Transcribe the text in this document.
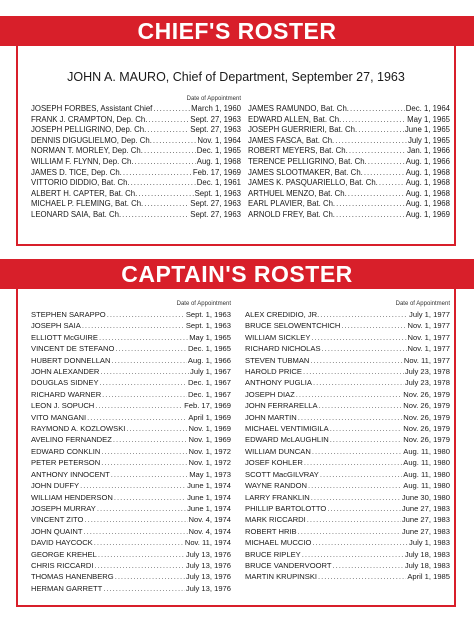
CHIEF'S ROSTER
JOHN A. MAURO, Chief of Department, September 27, 1963
Date of Appointment
JOSEPH FORBES, Assistant Chief .....	March 1, 1960
FRANK J. CRAMPTON, Dep. Ch. .....	Sept. 27, 1963
JOSEPH PELLIGRINO, Dep. Ch. .....	Sept. 27, 1963
DENNIS DIGUGLIELMO, Dep. Ch. .....	Nov. 1, 1964
NORMAN T. MORLEY, Dep. Ch. .....	Dec. 1, 1965
WILLIAM F. FLYNN, Dep. Ch. .....	Aug. 1, 1968
JAMES D. TICE, Dep. Ch. .....	Feb. 17, 1969
VITTORIO DIDDIO, Bat. Ch. .....	Dec. 1, 1961
ALBERT H. CAPTER, Bat. Ch. .....	Sept. 1, 1963
MICHAEL P. FLEMING, Bat. Ch. .....	Sept. 27, 1963
LEONARD SAIA, Bat. Ch. .....	Sept. 27, 1963
JAMES RAMUNDO, Bat. Ch. .....	Dec. 1, 1964
EDWARD ALLEN, Bat. Ch. .....	May 1, 1965
JOSEPH GUERRIERI, Bat. Ch. .....	June 1, 1965
JAMES FASCA, Bat. Ch. .....	July 1, 1965
ROBERT MEYERS, Bat. Ch. .....	Jan. 1, 1966
TERENCE PELLIGRINO, Bat. Ch. .....	Aug. 1, 1966
JAMES SLOOTMAKER, Bat. Ch. .....	Aug. 1, 1968
JAMES K. PASQUARIELLO, Bat. Ch. .....	Aug. 1, 1968
ARTHUEL MENZO, Bat. Ch. .....	Aug. 1, 1968
EARL PLAVIER, Bat. Ch. .....	Aug. 1, 1968
ARNOLD FREY, Bat. Ch. .....	Aug. 1, 1969
CAPTAIN'S ROSTER
Date of Appointment
STEPHEN SARAPPO .....	Sept. 1, 1963
JOSEPH SAIA .....	Sept. 1, 1963
ELLIOTT McGUIRE .....	May 1, 1965
VINCENT DE STEFANO .....	Dec. 1, 1965
HUBERT DONNELLAN .....	Aug. 1, 1966
JOHN ALEXANDER .....	July 1, 1967
DOUGLAS SIDNEY .....	Dec. 1, 1967
RICHARD WARNER .....	Dec. 1, 1967
LEON J. SOPUCH .....	Feb. 17, 1969
VITO MANGANI .....	April 1, 1969
RAYMOND A. KOZLOWSKI .....	Nov. 1, 1969
AVELINO FERNANDEZ .....	Nov. 1, 1969
EDWARD CONKLIN .....	Nov. 1, 1972
PETER PETERSON .....	Nov. 1, 1972
ANTHONY INNOCENT .....	May 1, 1973
JOHN DUFFY .....	June 1, 1974
WILLIAM HENDERSON .....	June 1, 1974
JOSEPH MURRAY .....	June 1, 1974
VINCENT ZITO .....	Nov. 4, 1974
JOHN QUAINT .....	Nov. 4, 1974
DAVID HAYCOCK .....	Nov. 11, 1974
GEORGE KREHEL .....	July 13, 1976
CHRIS RICCARDI .....	July 13, 1976
THOMAS HANENBERG .....	July 13, 1976
HERMAN GARRETT .....	July 13, 1976
Date of Appointment
ALEX CREDIDIO, JR. .....	July 1, 1977
BRUCE SELOWENTCHICH .....	Nov. 1, 1977
WILLIAM SICKLEY .....	Nov. 1, 1977
RICHARD NICHOLAS .....	Nov. 1, 1977
STEVEN TUBMAN .....	Nov. 11, 1977
HAROLD PRICE .....	July 23, 1978
ANTHONY PUGLIA .....	July 23, 1978
JOSEPH DIAZ .....	Nov. 26, 1979
JOHN FERRARELLA .....	Nov. 26, 1979
JOHN MARTIN .....	Nov. 26, 1979
MICHAEL VENTIMIGILA .....	Nov. 26, 1979
EDWARD McLAUGHLIN .....	Nov. 26, 1979
WILLIAM DUNCAN .....	Aug. 11, 1980
JOSEF KOHLER .....	Aug. 11, 1980
SCOTT MacGILVRAY .....	Aug. 11, 1980
WAYNE RANDON .....	Aug. 11, 1980
LARRY FRANKLIN .....	June 30, 1980
PHILLIP BARTOLOTTO .....	June 27, 1983
MARK RICCARDI .....	June 27, 1983
ROBERT HRIB .....	June 27, 1983
MICHAEL MUCCIO .....	July 1, 1983
BRUCE RIPLEY .....	July 18, 1983
BRUCE VANDERVOORT .....	July 18, 1983
MARTIN KRUPINSKI .....	April 1, 1985
